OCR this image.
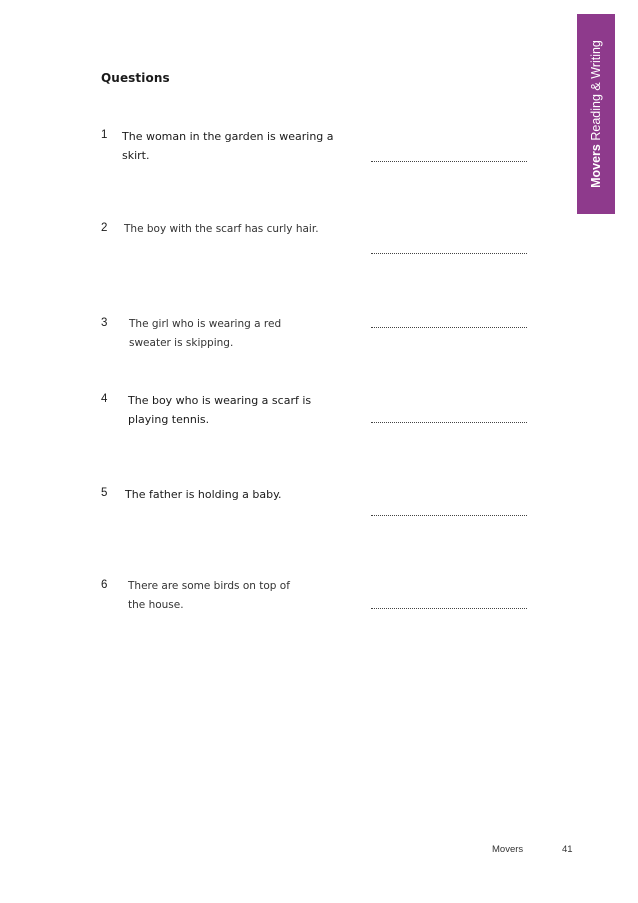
Movers Reading & Writing
Questions
1 The woman in the garden is wearing a
skirt.
2 The boy with the scarf has curly hair.
3 The girl who is wearing a red
sweater is skipping.
4 The boy who is wearing a scarf is
playing tennis.
5 The father is holding a baby.
6 There are some birds on top of
the house.
Movers	41
